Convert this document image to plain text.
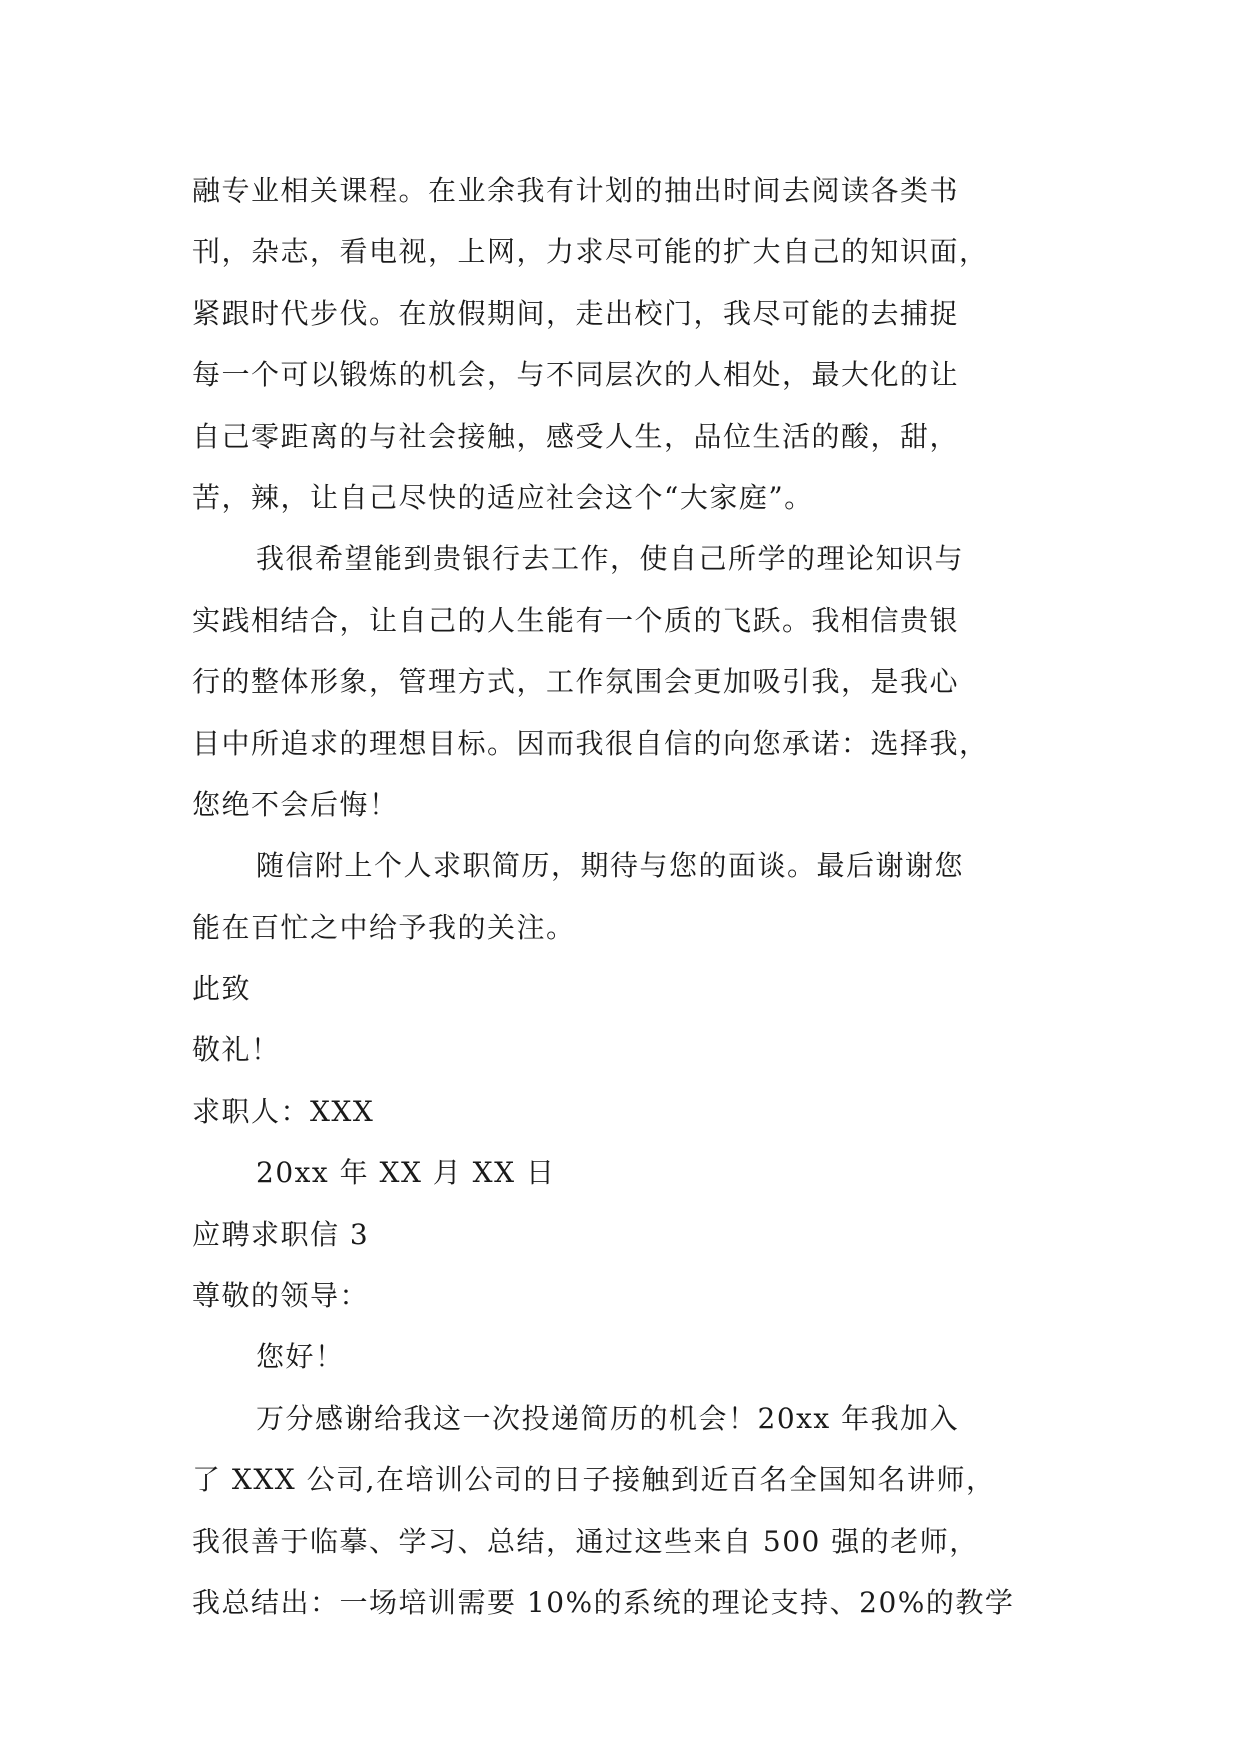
融专业相关课程。在业余我有计划的抽出时间去阅读各类书
刊，杂志，看电视，上网，力求尽可能的扩大自己的知识面，
紧跟时代步伐。在放假期间，走出校门，我尽可能的去捕捉
每一个可以锻炼的机会，与不同层次的人相处，最大化的让
自己零距离的与社会接触，感受人生，品位生活的酸，甜，
苦，辣，让自己尽快的适应社会这个“大家庭”。
我很希望能到贵银行去工作，使自己所学的理论知识与
实践相结合，让自己的人生能有一个质的飞跃。我相信贵银
行的整体形象，管理方式，工作氛围会更加吸引我，是我心
目中所追求的理想目标。因而我很自信的向您承诺：选择我，
您绝不会后悔！
随信附上个人求职简历，期待与您的面谈。最后谢谢您
能在百忙之中给予我的关注。
此致
敬礼！
求职人：XXX
20xx 年 XX 月 XX 日
应聘求职信 3
尊敬的领导：
您好！
万分感谢给我这一次投递简历的机会！20xx 年我加入
了 XXX 公司,在培训公司的日子接触到近百名全国知名讲师，
我很善于临摹、学习、总结，通过这些来自 500 强的老师，
我总结出：一场培训需要 10%的系统的理论支持、20%的教学
